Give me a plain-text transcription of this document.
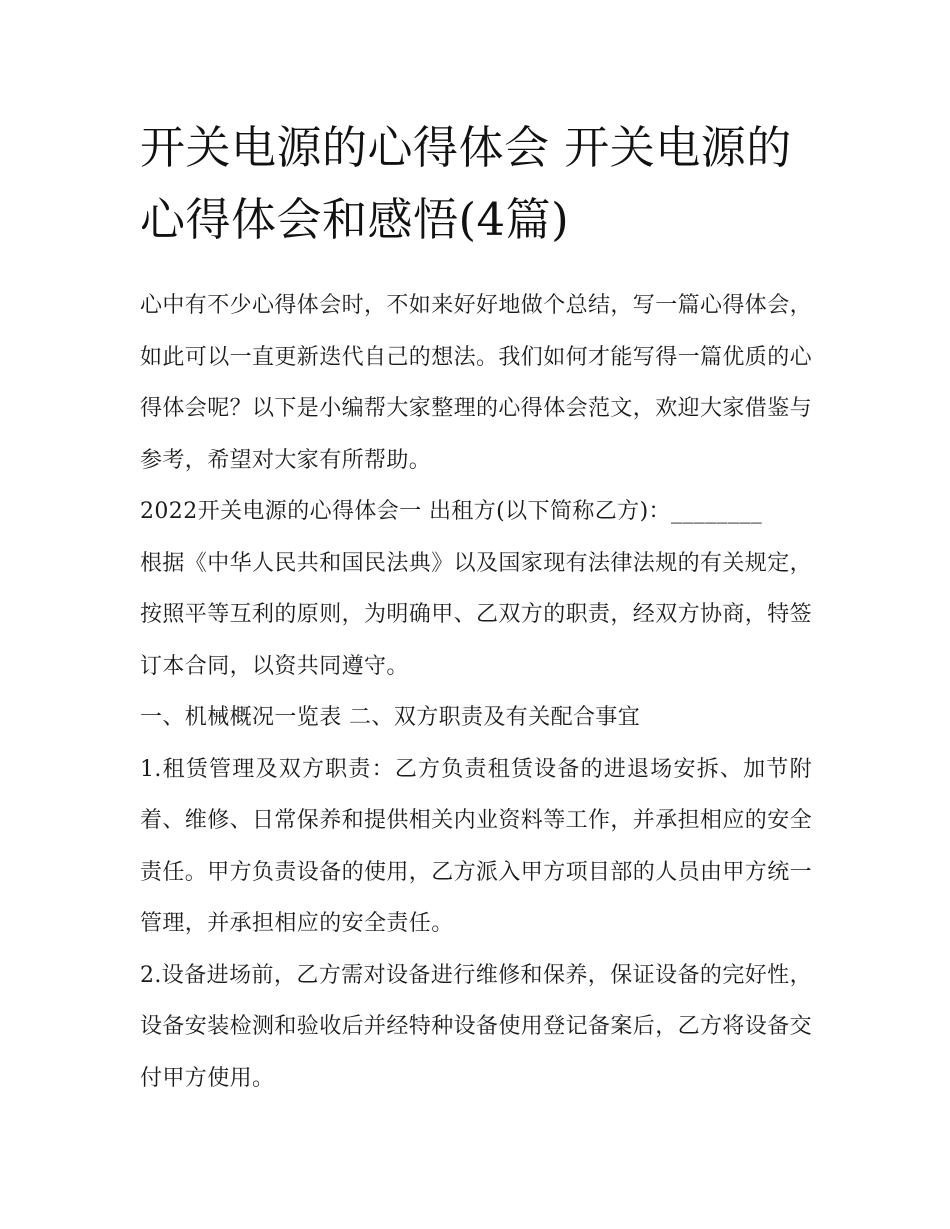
开关电源的心得体会 开关电源的心得体会和感悟(4篇)

心中有不少心得体会时，不如来好好地做个总结，写一篇心得体会，如此可以一直更新迭代自己的想法。我们如何才能写得一篇优质的心得体会呢？以下是小编帮大家整理的心得体会范文，欢迎大家借鉴与参考，希望对大家有所帮助。

2022开关电源的心得体会一 出租方(以下简称乙方)：________

根据《中华人民共和国民法典》以及国家现有法律法规的有关规定，按照平等互利的原则，为明确甲、乙双方的职责，经双方协商，特签订本合同，以资共同遵守。

一、机械概况一览表 二、双方职责及有关配合事宜

1.租赁管理及双方职责：乙方负责租赁设备的进退场安拆、加节附着、维修、日常保养和提供相关内业资料等工作，并承担相应的安全责任。甲方负责设备的使用，乙方派入甲方项目部的人员由甲方统一管理，并承担相应的安全责任。

2.设备进场前，乙方需对设备进行维修和保养，保证设备的完好性，设备安装检测和验收后并经特种设备使用登记备案后，乙方将设备交付甲方使用。
